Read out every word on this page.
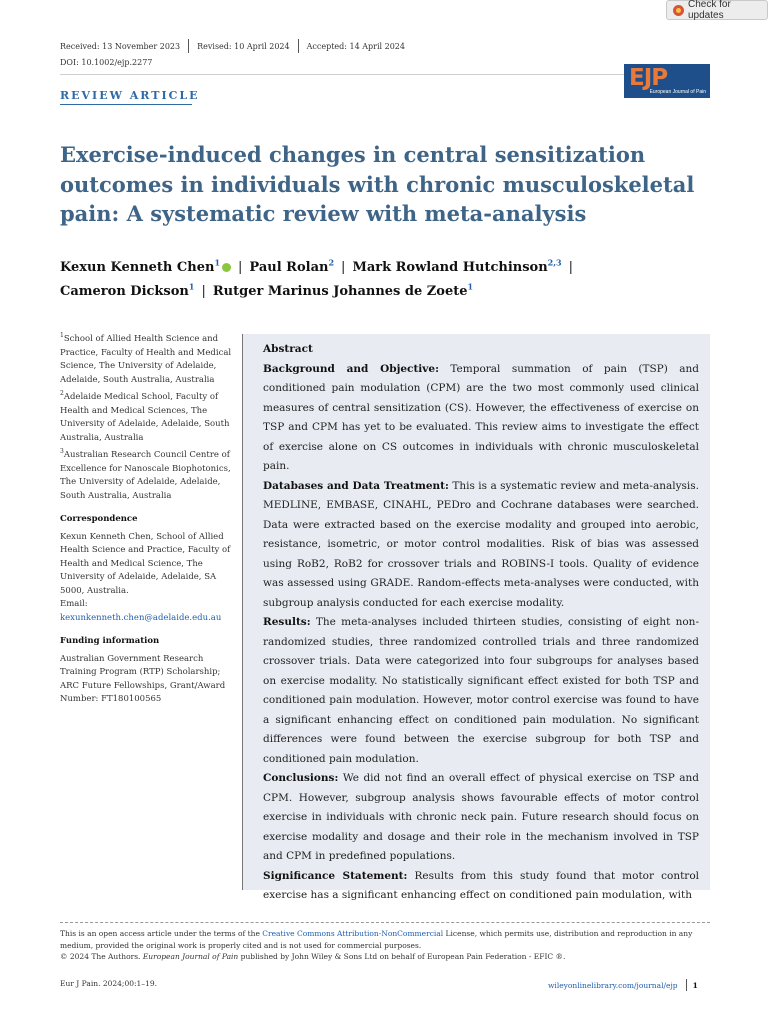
Check for updates
Received: 13 November 2023 Revised: 10 April 2024 Accepted: 14 April 2024
DOI: 10.1002/ejp.2277
EJP
European Journal of Pain
REVIEW ARTICLE
Exercise-induced changes in central sensitization outcomes in individuals with chronic musculoskeletal pain: A systematic review with meta-analysis
Kexun Kenneth Chen$^1$ | Paul Rolan$^2$ | Mark Rowland Hutchinson$^{2,3}$ |
Cameron Dickson$^1$ | Rutger Marinus Johannes de Zoete$^1$

$^1$School of Allied Health Science and Practice, Faculty of Health and Medical Science, The University of Adelaide, Adelaide, South Australia, Australia

$^2$Adelaide Medical School, Faculty of Health and Medical Sciences, The University of Adelaide, Adelaide, South Australia, Australia

$^3$Australian Research Council Centre of Excellence for Nanoscale Biophotonics, The University of Adelaide, Adelaide, South Australia, Australia

Correspondence

Kexun Kenneth Chen, School of Allied Health Science and Practice, Faculty of Health and Medical Science, The University of Adelaide, Adelaide, SA 5000, Australia.
Email: kexunkenneth.chen@adelaide.edu.au

Funding information

Australian Government Research Training Program (RTP) Scholarship; ARC Future Fellowships, Grant/Award Number: FT180100565

Abstract

Background and Objective: Temporal summation of pain (TSP) and conditioned pain modulation (CPM) are the two most commonly used clinical measures of central sensitization (CS). However, the effectiveness of exercise on TSP and CPM has yet to be evaluated. This review aims to investigate the effect of exercise alone on CS outcomes in individuals with chronic musculoskeletal pain.

Databases and Data Treatment: This is a systematic review and meta-analysis. MEDLINE, EMBASE, CINAHL, PEDro and Cochrane databases were searched. Data were extracted based on the exercise modality and grouped into aerobic, resistance, isometric, or motor control modalities. Risk of bias was assessed using RoB2, RoB2 for crossover trials and ROBINS-I tools. Quality of evidence was assessed using GRADE. Random-effects meta-analyses were conducted, with subgroup analysis conducted for each exercise modality.

Results: The meta-analyses included thirteen studies, consisting of eight non-randomized studies, three randomized controlled trials and three randomized crossover trials. Data were categorized into four subgroups for analyses based on exercise modality. No statistically significant effect existed for both TSP and conditioned pain modulation. However, motor control exercise was found to have a significant enhancing effect on conditioned pain modulation. No significant differences were found between the exercise subgroup for both TSP and conditioned pain modulation.

Conclusions: We did not find an overall effect of physical exercise on TSP and CPM. However, subgroup analysis shows favourable effects of motor control exercise in individuals with chronic neck pain. Future research should focus on exercise modality and dosage and their role in the mechanism involved in TSP and CPM in predefined populations.

Significance Statement: Results from this study found that motor control exercise has a significant enhancing effect on conditioned pain modulation, with

This is an open access article under the terms of the Creative Commons Attribution-NonCommercial License, which permits use, distribution and reproduction in any medium, provided the original work is properly cited and is not used for commercial purposes.

© 2024 The Authors. European Journal of Pain published by John Wiley & Sons Ltd on behalf of European Pain Federation - EFIC ®.

Eur J Pain. 2024;00:1–19.	wileyonlinelibrary.com/journal/ejp 1
